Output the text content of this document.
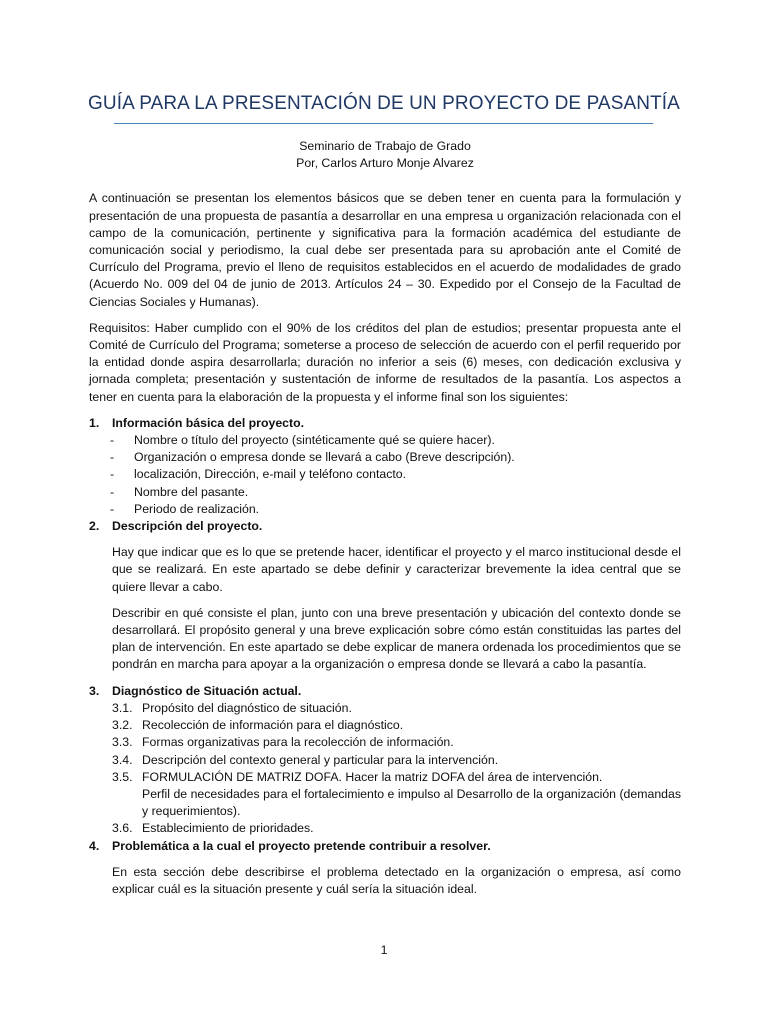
GUÍA PARA LA PRESENTACIÓN DE UN PROYECTO DE PASANTÍA
Seminario de Trabajo de Grado
Por, Carlos Arturo Monje Alvarez

A continuación se presentan los elementos básicos que se deben tener en cuenta para la formulación y presentación de una propuesta de pasantía a desarrollar en una empresa u organización relacionada con el campo de la comunicación, pertinente y significativa para la formación académica del estudiante de comunicación social y periodismo, la cual debe ser presentada para su aprobación ante el Comité de Currículo del Programa, previo el lleno de requisitos establecidos en el acuerdo de modalidades de grado (Acuerdo No. 009 del 04 de junio de 2013. Artículos 24 – 30. Expedido por el Consejo de la Facultad de Ciencias Sociales y Humanas).

Requisitos: Haber cumplido con el 90% de los créditos del plan de estudios; presentar propuesta ante el Comité de Currículo del Programa; someterse a proceso de selección de acuerdo con el perfil requerido por la entidad donde aspira desarrollarla; duración no inferior a seis (6) meses, con dedicación exclusiva y jornada completa; presentación y sustentación de informe de resultados de la pasantía. Los aspectos a tener en cuenta para la elaboración de la propuesta y el informe final son los siguientes:

1.	Información básica del proyecto.
-	Nombre o título del proyecto (sintéticamente qué se quiere hacer).
-	Organización o empresa donde se llevará a cabo (Breve descripción).
-	localización, Dirección, e-mail y teléfono contacto.
-	Nombre del pasante.
-	Periodo de realización.
2.	Descripción del proyecto.

Hay que indicar que es lo que se pretende hacer, identificar el proyecto y el marco institucional desde el que se realizará. En este apartado se debe definir y caracterizar brevemente la idea central que se quiere llevar a cabo.

Describir en qué consiste el plan, junto con una breve presentación y ubicación del contexto donde se desarrollará. El propósito general y una breve explicación sobre cómo están constituidas las partes del plan de intervención. En este apartado se debe explicar de manera ordenada los procedimientos que se pondrán en marcha para apoyar a la organización o empresa donde se llevará a cabo la pasantía.

3.	Diagnóstico de Situación actual.
3.1. Propósito del diagnóstico de situación.
3.2. Recolección de información para el diagnóstico.
3.3. Formas organizativas para la recolección de información.
3.4. Descripción del contexto general y particular para la intervención.
3.5. FORMULACIÓN DE MATRIZ DOFA. Hacer la matriz DOFA del área de intervención.
Perfil de necesidades para el fortalecimiento e impulso al Desarrollo de la organización (demandas y requerimientos).
3.6. Establecimiento de prioridades.
4.	Problemática a la cual el proyecto pretende contribuir a resolver.

En esta sección debe describirse el problema detectado en la organización o empresa, así como explicar cuál es la situación presente y cuál sería la situación ideal.

1
